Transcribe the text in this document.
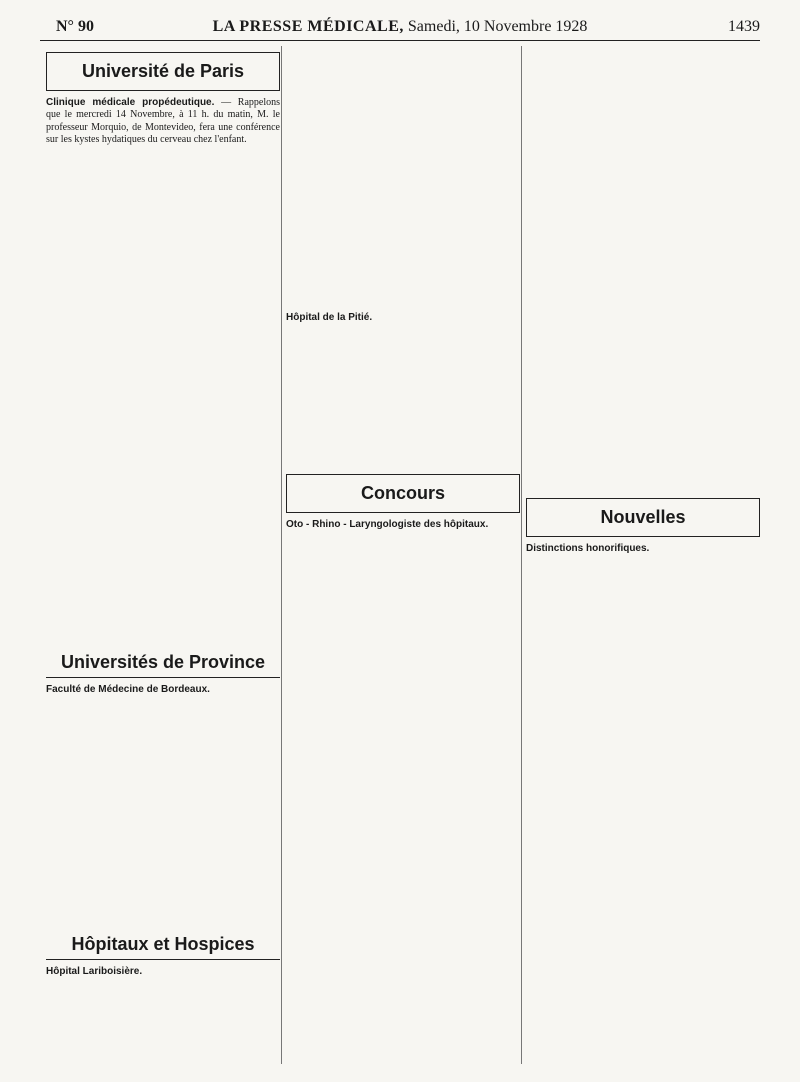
N° 90	LA PRESSE MÉDICALE, Samedi, 10 Novembre 1928	1439
Université de Paris

Clinique médicale propédeutique. — Rappelons que le mercredi 14 Novembre, à 11 h. du matin, M. le professeur Morquio, de Montevideo, fera une conférence sur les kystes hydatiques du cerveau chez l'enfant.

Universités de Province

Faculté de Médecine de Bordeaux.

Hôpitaux et Hospices

Hôpital Lariboisière.

Hôpital de la Pitié.

Concours

Oto - Rhino - Laryngologiste des hôpitaux.	Nouvelles

Distinctions honorifiques.
